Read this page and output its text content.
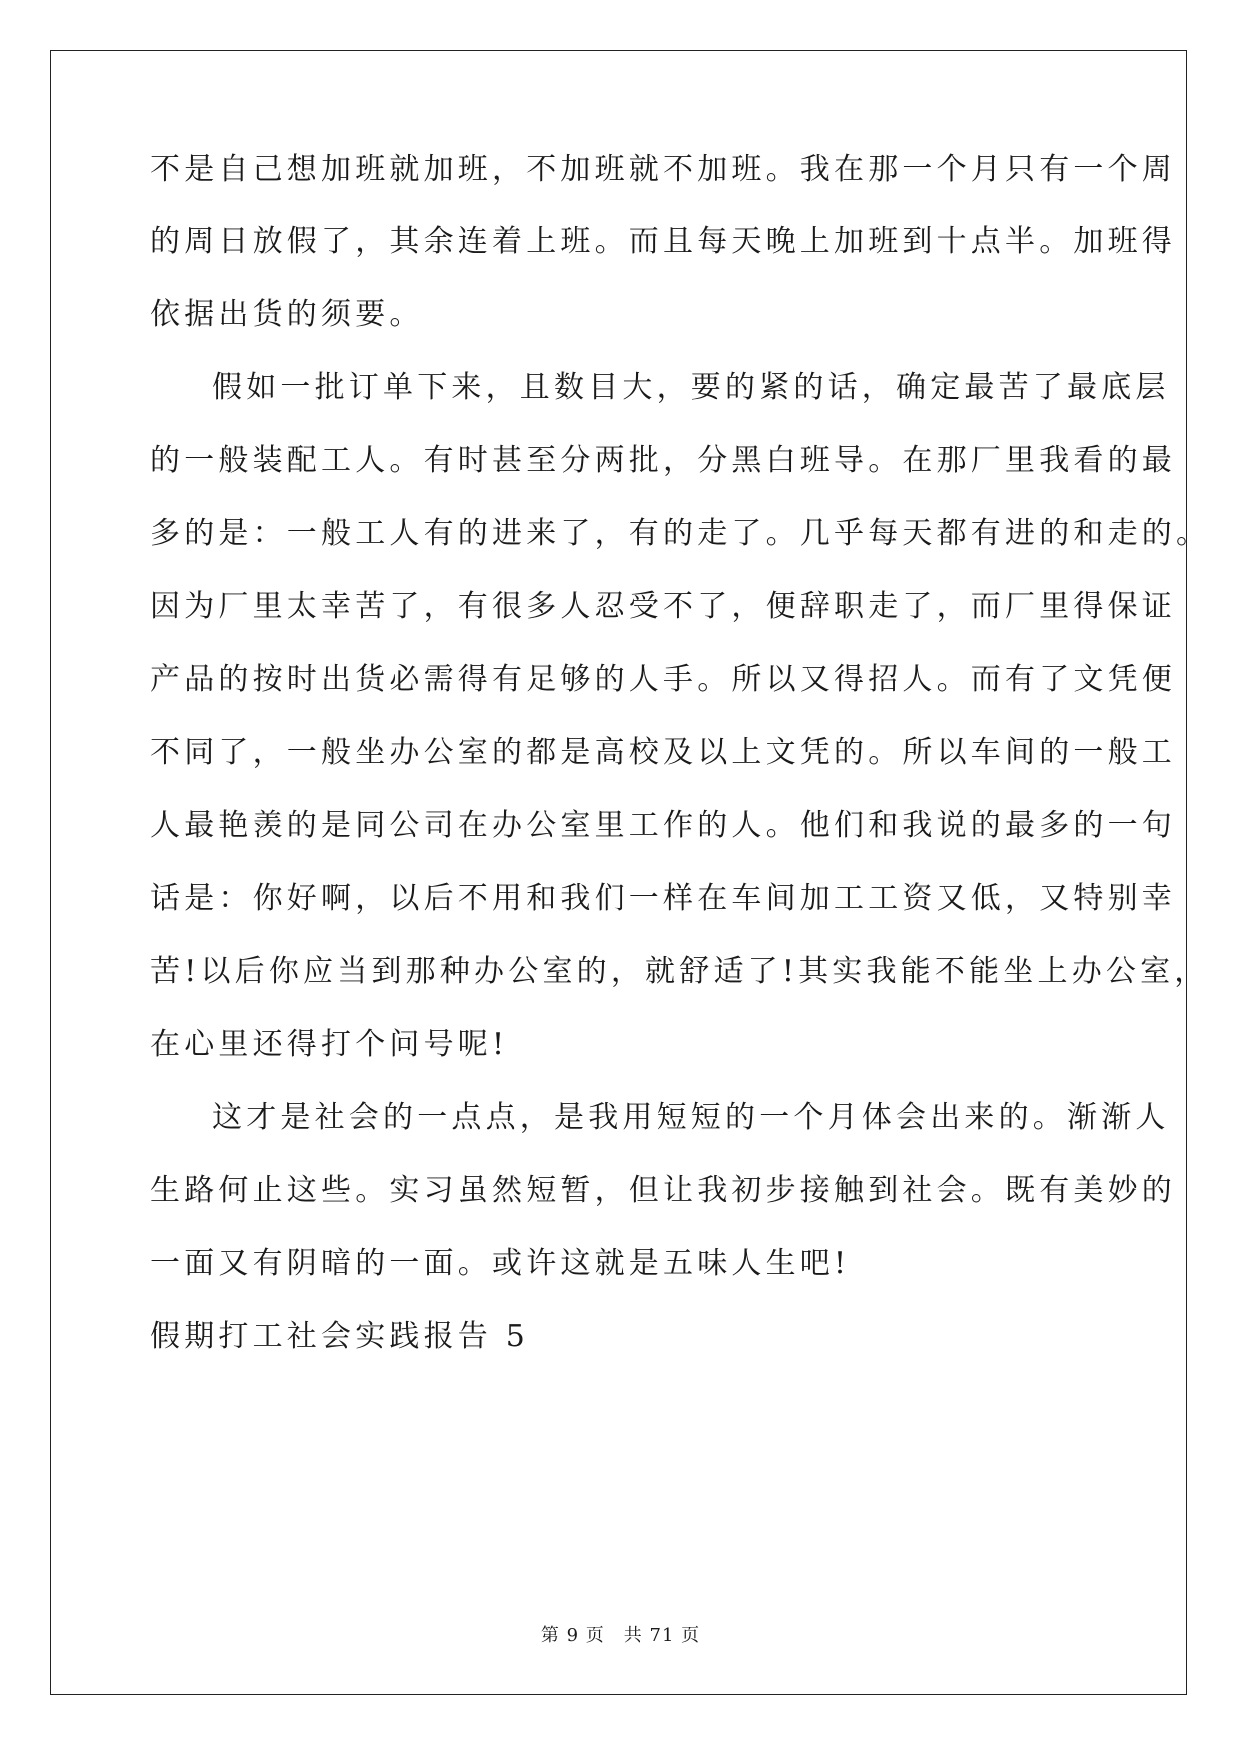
不是自己想加班就加班，不加班就不加班。我在那一个月只有一个周
的周日放假了，其余连着上班。而且每天晚上加班到十点半。加班得
依据出货的须要。
假如一批订单下来，且数目大，要的紧的话，确定最苦了最底层
的一般装配工人。有时甚至分两批，分黑白班导。在那厂里我看的最
多的是：一般工人有的进来了，有的走了。几乎每天都有进的和走的。
因为厂里太幸苦了，有很多人忍受不了，便辞职走了，而厂里得保证
产品的按时出货必需得有足够的人手。所以又得招人。而有了文凭便
不同了，一般坐办公室的都是高校及以上文凭的。所以车间的一般工
人最艳羡的是同公司在办公室里工作的人。他们和我说的最多的一句
话是：你好啊，以后不用和我们一样在车间加工工资又低，又特别幸
苦!以后你应当到那种办公室的，就舒适了!其实我能不能坐上办公室，
在心里还得打个问号呢!
这才是社会的一点点，是我用短短的一个月体会出来的。渐渐人
生路何止这些。实习虽然短暂，但让我初步接触到社会。既有美妙的
一面又有阴暗的一面。或许这就是五味人生吧!
假期打工社会实践报告 5
第 9 页　共 71 页
